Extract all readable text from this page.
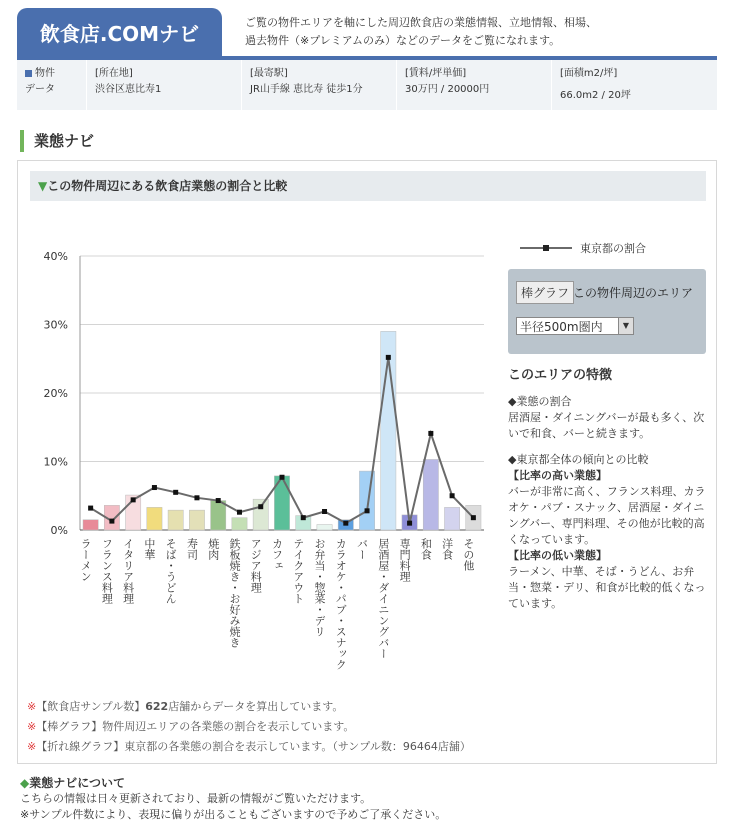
飲食店.COMナビ	ご覧の物件エリアを軸にした周辺飲食店の業態情報、立地情報、相場、
過去物件（※プレミアムのみ）などのデータをご覧になれます。
物件
データ
[所在地]
渋谷区恵比寿1
[最寄駅]
JR山手線 恵比寿 徒歩1分
[賃料/坪単価]
30万円 / 20000円
[面積m2/坪]
66.0m2 / 20坪
業態ナビ
▼この物件周辺にある飲食店業態の割合と比較
40%
30%
20%
10%
0%
ラーメン フランス料理 イタリア料理 中華 そば・うどん 寿司 焼肉 鉄板焼き・お好み焼き アジア料理 カフェ テイクアウト お弁当・惣菜・デリ カラオケ・パブ・スナック バー 居酒屋・ダイニングバー 専門料理 和食 洋食 その他
東京都の割合
棒グラフ この物件周辺のエリア
半径500m圏内	▼
このエリアの特徴

◆業態の割合

居酒屋・ダイニングバーが最も多く、次いで和食、バーと続きます。

◆東京都全体の傾向との比較

【比率の高い業態】

バーが非常に高く、フランス料理、カラオケ・パブ・スナック、居酒屋・ダイニングバー、専門料理、その他が比較的高くなっています。

【比率の低い業態】

ラーメン、中華、そば・うどん、お弁当・惣菜・デリ、和食が比較的低くなっています。

※【飲食店サンプル数】622店舗からデータを算出しています。
※【棒グラフ】物件周辺エリアの各業態の割合を表示しています。
※【折れ線グラフ】東京都の各業態の割合を表示しています。（サンプル数：96464店舗）
◆業態ナビについて
こちらの情報は日々更新されており、最新の情報がご覧いただけます。
※サンプル件数により、表現に偏りが出ることもございますので予めご了承ください。
